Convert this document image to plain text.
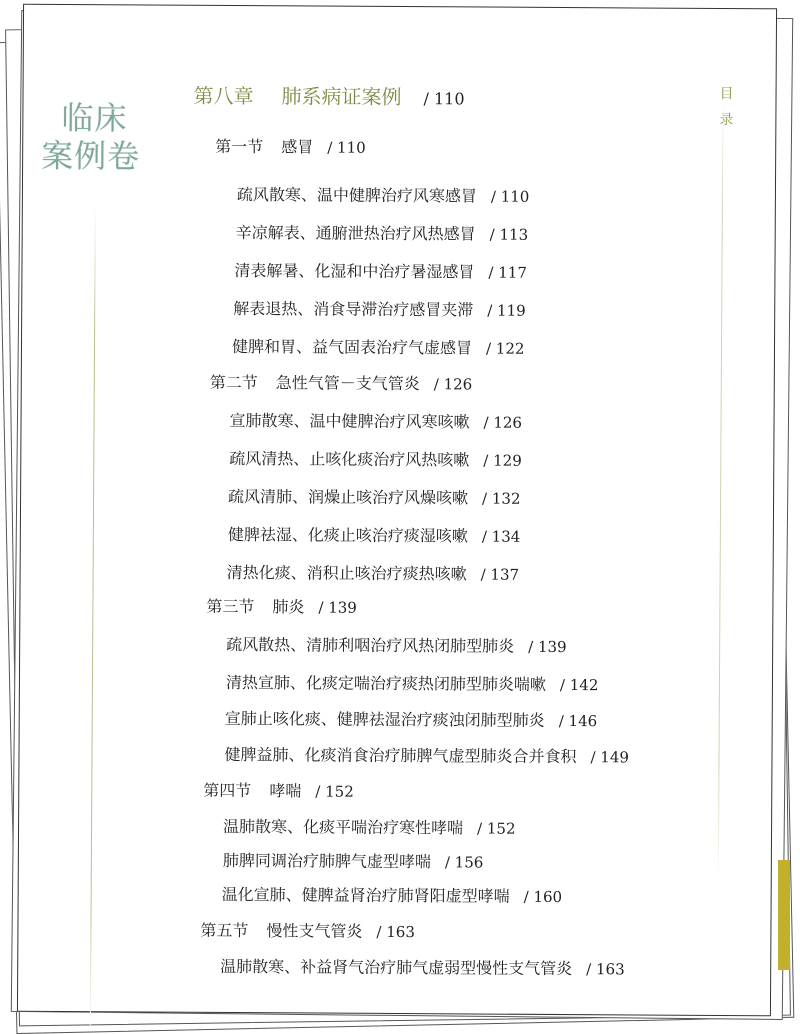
临床
案例卷
目
录
第八章 肺系病证案例 / 110
第一节 感冒 / 110
疏风散寒、温中健脾治疗风寒感冒 / 110
辛凉解表、通腑泄热治疗风热感冒 / 113
清表解暑、化湿和中治疗暑湿感冒 / 117
解表退热、消食导滞治疗感冒夹滞 / 119
健脾和胃、益气固表治疗气虚感冒 / 122
第二节 急性气管－支气管炎 / 126
宣肺散寒、温中健脾治疗风寒咳嗽 / 126
疏风清热、止咳化痰治疗风热咳嗽 / 129
疏风清肺、润燥止咳治疗风燥咳嗽 / 132
健脾祛湿、化痰止咳治疗痰湿咳嗽 / 134
清热化痰、消积止咳治疗痰热咳嗽 / 137
第三节 肺炎 / 139
疏风散热、清肺利咽治疗风热闭肺型肺炎 / 139
清热宣肺、化痰定喘治疗痰热闭肺型肺炎喘嗽 / 142
宣肺止咳化痰、健脾祛湿治疗痰浊闭肺型肺炎 / 146
健脾益肺、化痰消食治疗肺脾气虚型肺炎合并食积 / 149
第四节 哮喘 / 152
温肺散寒、化痰平喘治疗寒性哮喘 / 152
肺脾同调治疗肺脾气虚型哮喘 / 156
温化宣肺、健脾益肾治疗肺肾阳虚型哮喘 / 160
第五节 慢性支气管炎 / 163
温肺散寒、补益肾气治疗肺气虚弱型慢性支气管炎 / 163
